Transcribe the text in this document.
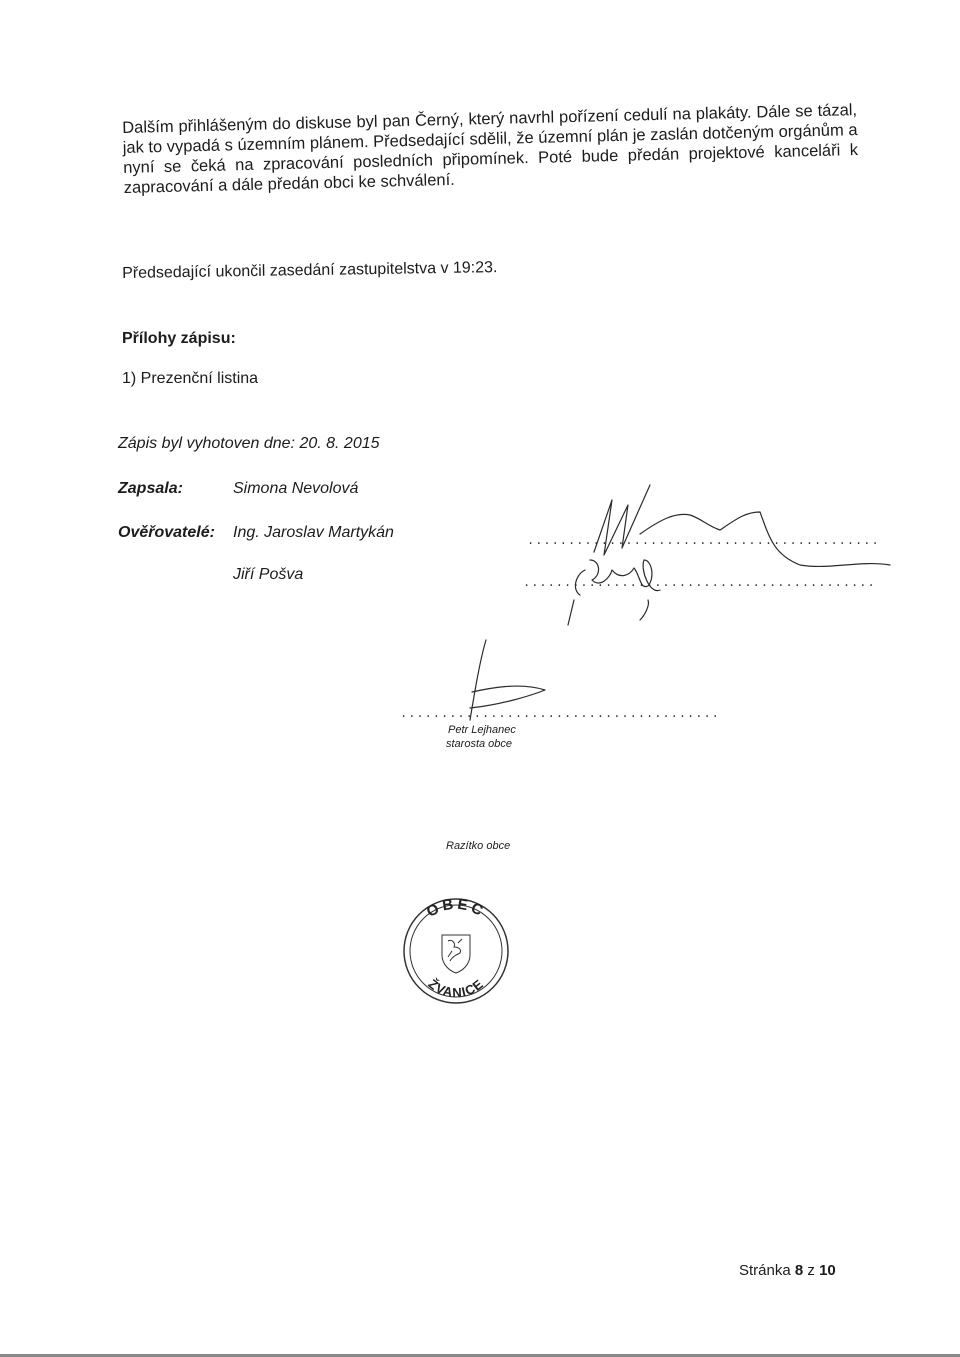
Dalším přihlášeným do diskuse byl pan Černý, který navrhl pořízení cedulí na plakáty. Dále se tázal, jak to vypadá s územním plánem. Předsedající sdělil, že územní plán je zaslán dotčeným orgánům a nyní se čeká na zpracování posledních připomínek. Poté bude předán projektové kanceláři k zapracování a dále předán obci ke schválení.
Předsedající ukončil zasedání zastupitelstva v 19:23.
Přílohy zápisu:
1) Prezenční listina
Zápis byl vyhotoven dne: 20. 8. 2015
Zapsala:	Simona Nevolová
Ověřovatelé: Ing. Jaroslav Martykán
Jiří Pošva
...........................................
...........................................
.......................................
Petr Lejhanec
starosta obce
Razítko obce
OBEC
ŽVANICE
Stránka 8 z 10
